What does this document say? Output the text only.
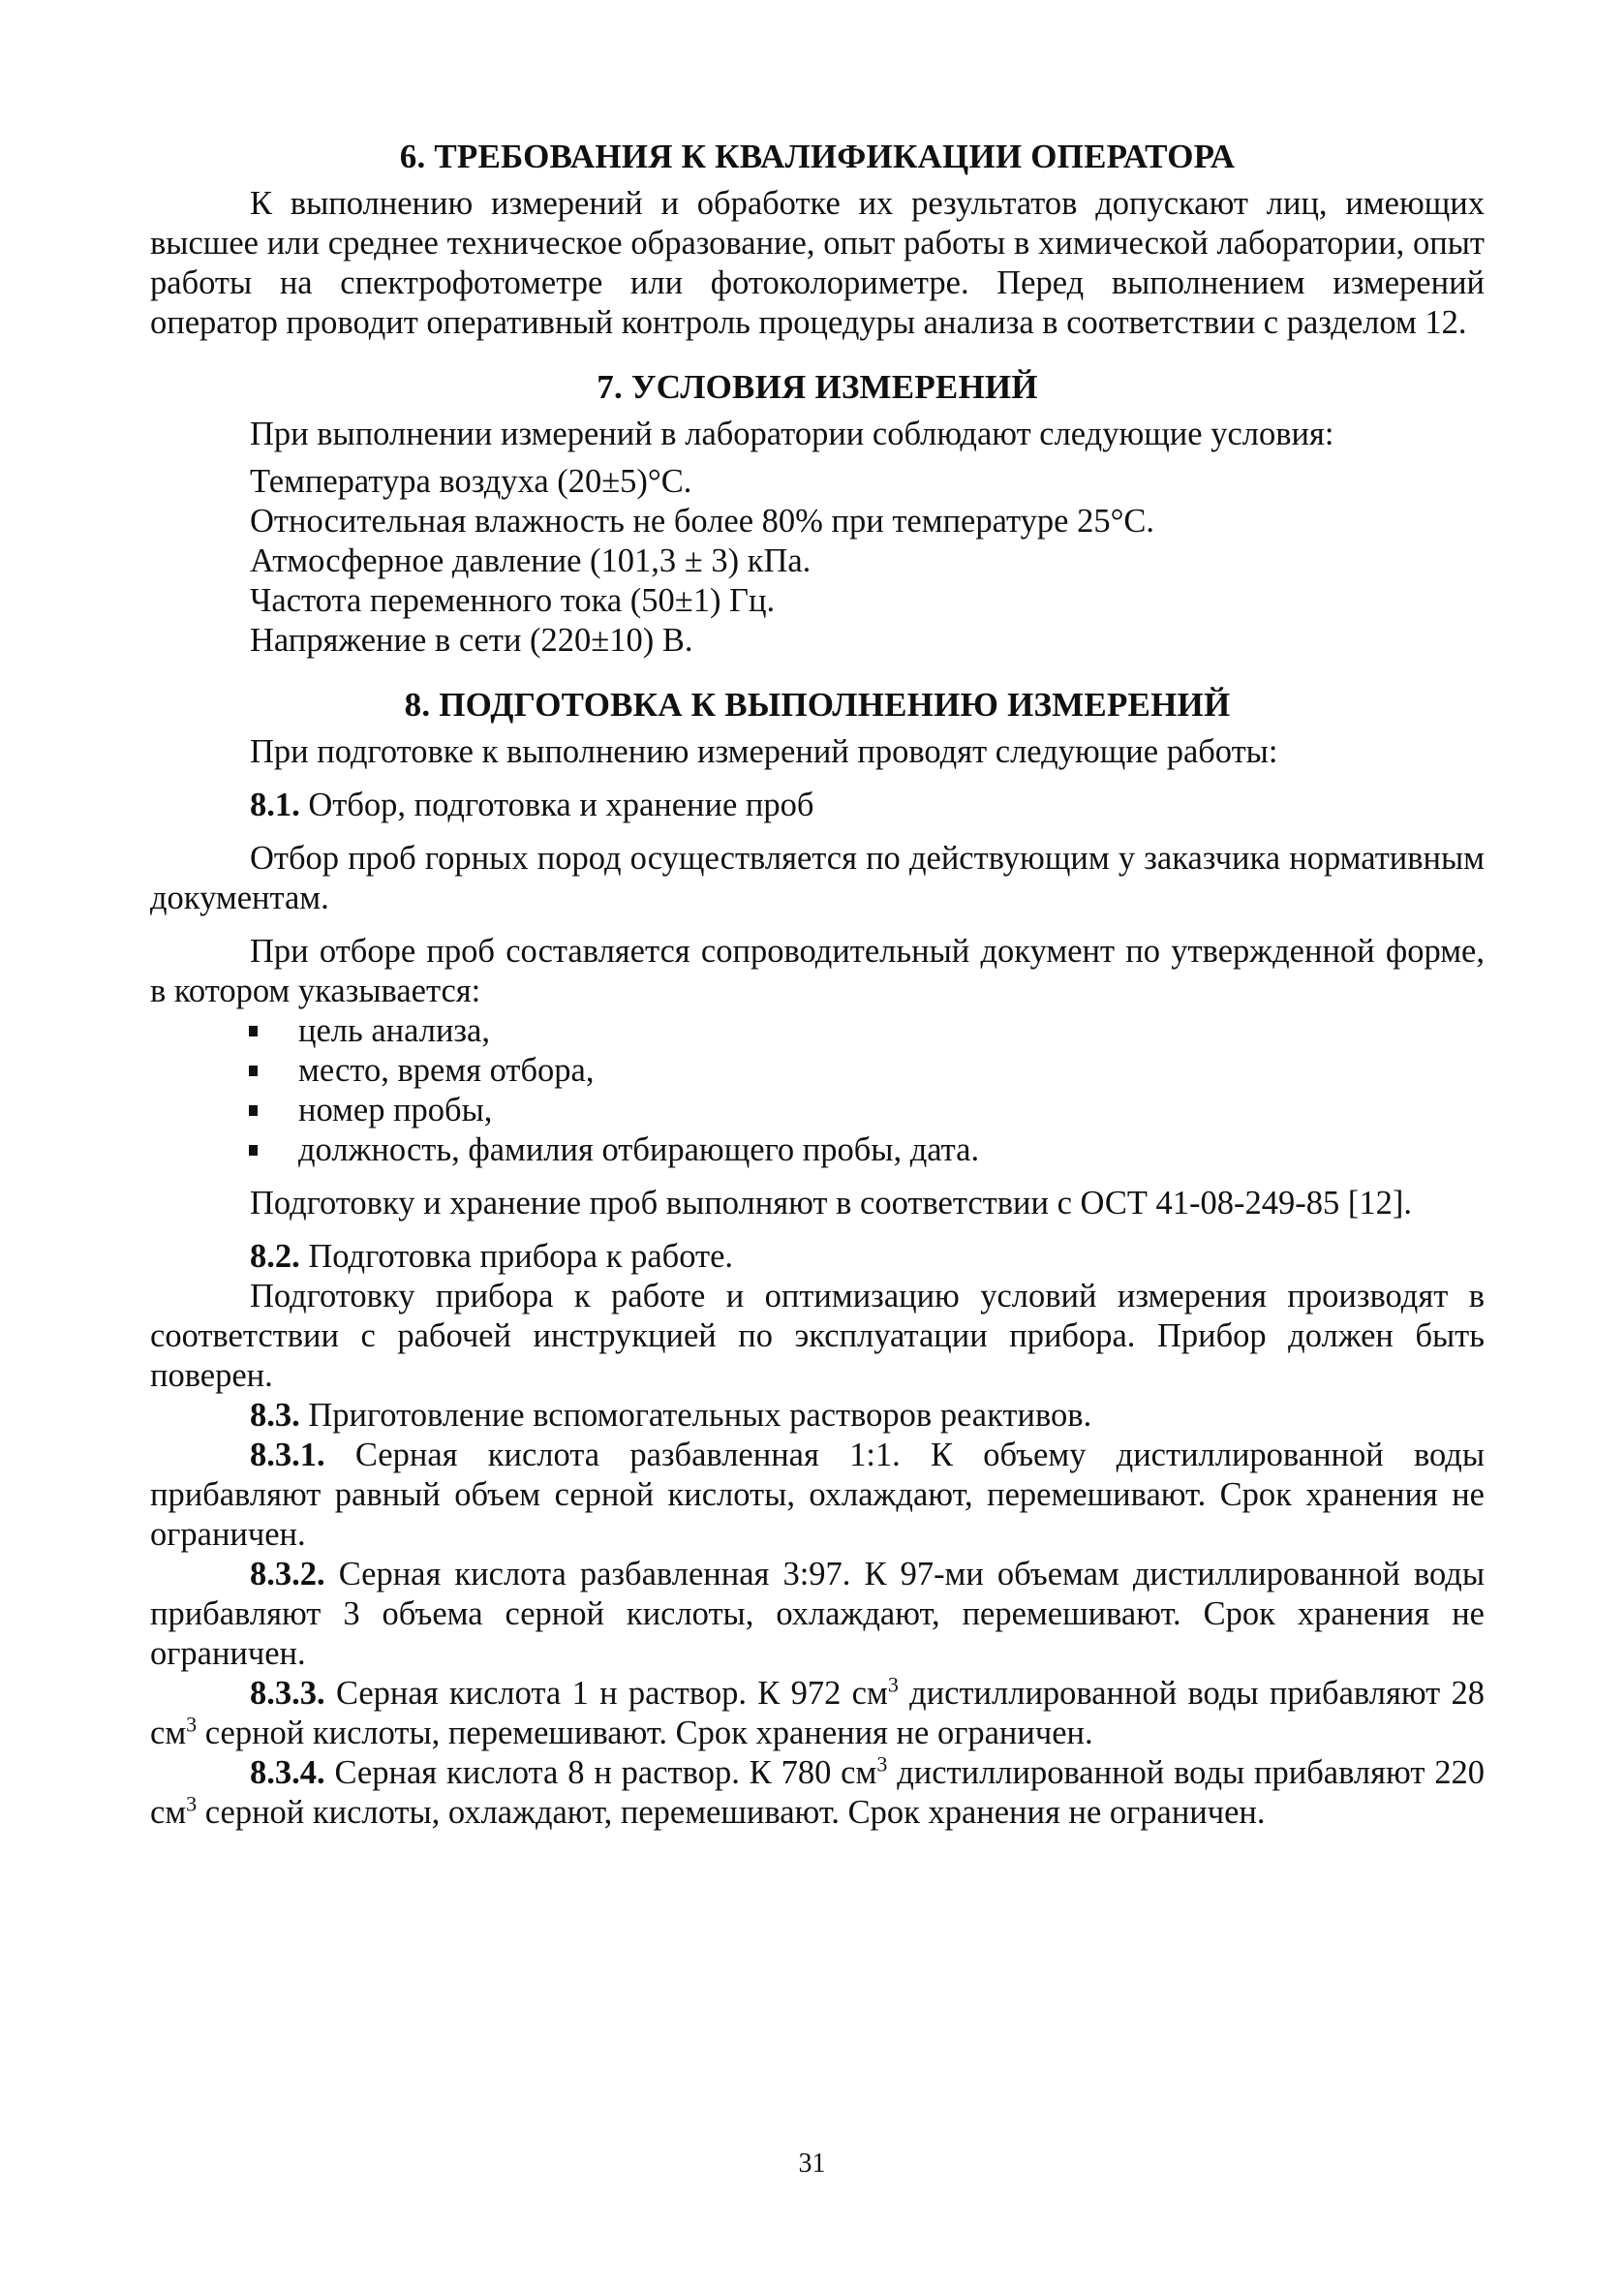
6. ТРЕБОВАНИЯ К КВАЛИФИКАЦИИ ОПЕРАТОРА

К выполнению измерений и обработке их результатов допускают лиц, имеющих высшее или среднее техническое образование, опыт работы в химической лаборатории, опыт работы на спектрофотометре или фотоколориметре. Перед выполнением измерений оператор проводит оперативный контроль процедуры анализа в соответствии с разделом 12.

7. УСЛОВИЯ ИЗМЕРЕНИЙ

При выполнении измерений в лаборатории соблюдают следующие условия:

Температура воздуха (20±5)°С.

Относительная влажность не более 80% при температуре 25°С.

Атмосферное давление (101,3 ± 3) кПа.

Частота переменного тока (50±1) Гц.

Напряжение в сети (220±10) В.

8. ПОДГОТОВКА К ВЫПОЛНЕНИЮ ИЗМЕРЕНИЙ

При подготовке к выполнению измерений проводят следующие работы:

8.1. Отбор, подготовка и хранение проб

Отбор проб горных пород осуществляется по действующим у заказчика нормативным документам.

При отборе проб составляется сопроводительный документ по утвержденной форме, в котором указывается:

цель анализа,
место, время отбора,
номер пробы,
должность, фамилия отбирающего пробы, дата.

Подготовку и хранение проб выполняют в соответствии с ОСТ 41-08-249-85 [12].

8.2. Подготовка прибора к работе.

Подготовку прибора к работе и оптимизацию условий измерения производят в соответствии с рабочей инструкцией по эксплуатации прибора. Прибор должен быть поверен.

8.3. Приготовление вспомогательных растворов реактивов.

8.3.1. Серная кислота разбавленная 1:1. К объему дистиллированной воды прибавляют равный объем серной кислоты, охлаждают, перемешивают. Срок хранения не ограничен.

8.3.2. Серная кислота разбавленная 3:97. К 97-ми объемам дистиллированной воды прибавляют 3 объема серной кислоты, охлаждают, перемешивают. Срок хранения не ограничен.

8.3.3. Серная кислота 1 н раствор. К 972 $см^3$ дистиллированной воды прибавляют 28 $см^3$ серной кислоты, перемешивают. Срок хранения не ограничен.

8.3.4. Серная кислота 8 н раствор. К 780 $см^3$ дистиллированной воды прибавляют 220 $см^3$ серной кислоты, охлаждают, перемешивают. Срок хранения не ограничен.

31
